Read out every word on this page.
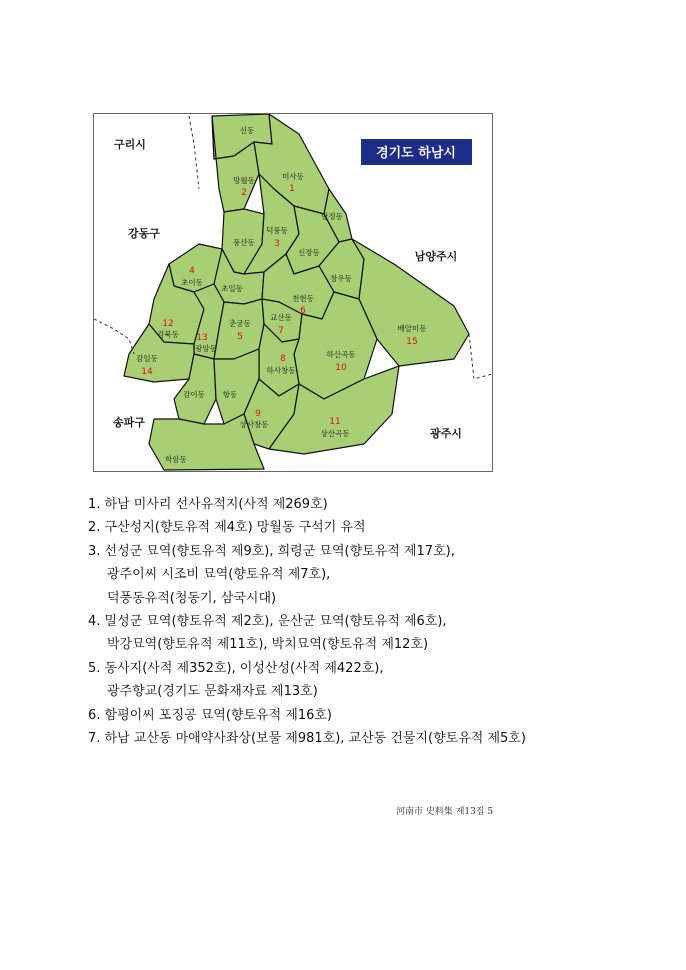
경기도 하남시
구리시
강동구
남양주시
송파구
광주시
선동
망월동
2
미사동
1
당정동
풍산동
덕풍동
3
신장동
창우동
4
초이동
초일동
천현동
6
배알미동
15
12
감북동 13
광암동
춘궁동
5
교산동
7
하산곡동
10
감일동
14
8
하사창동
감이동 항동
9
상사창동	11
상산곡동
학암동
1. 하남 미사리 선사유적지(사적 제269호)
2. 구산성지(향토유적 제4호) 망월동 구석기 유적
3. 선성군 묘역(향토유적 제9호), 희령군 묘역(향토유적 제17호),
광주이씨 시조비 묘역(향토유적 제7호),
덕풍동유적(청동기, 삼국시대)
4. 밀성군 묘역(향토유적 제2호), 운산군 묘역(향토유적 제6호),
박강묘역(향토유적 제11호), 박치묘역(향토유적 제12호)
5. 동사지(사적 제352호), 이성산성(사적 제422호),
광주향교(경기도 문화재자료 제13호)
6. 함평이씨 포징공 묘역(향토유적 제16호)
7. 하남 교산동 마애약사좌상(보물 제981호), 교산동 건물지(향토유적 제5호)
河南市 史料集 제13집 5
